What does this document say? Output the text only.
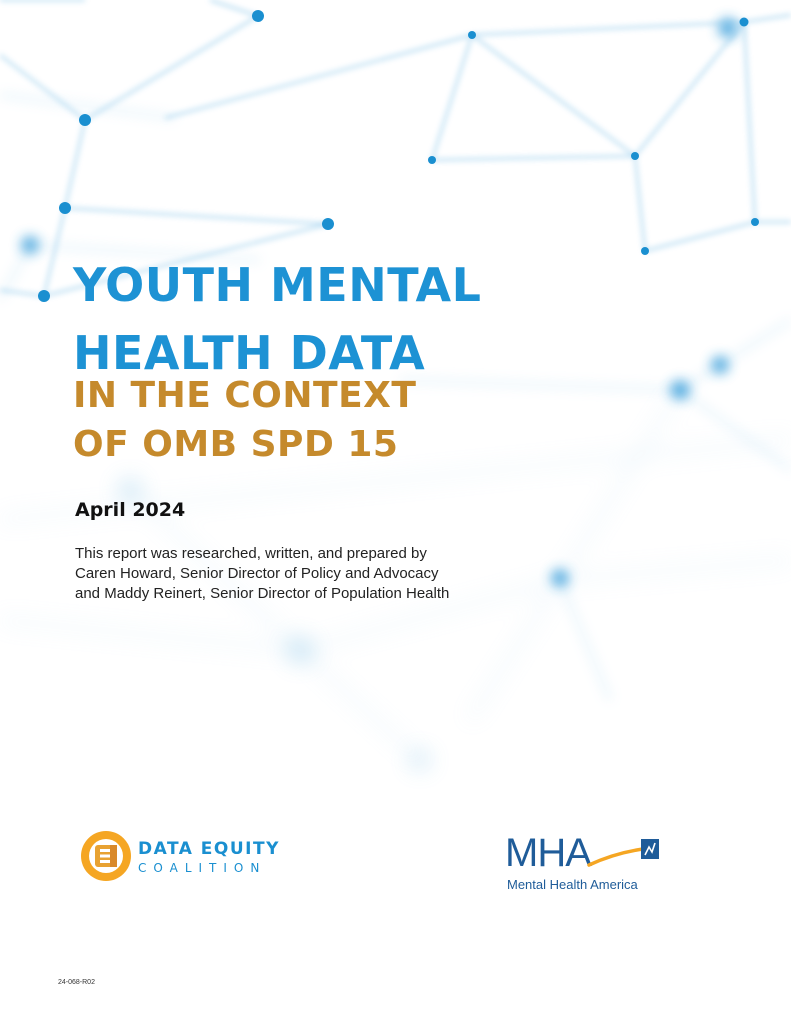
YOUTH MENTAL
HEALTH DATA
IN THE CONTEXT
OF OMB SPD 15

April 2024

This report was researched, written, and prepared by
Caren Howard, Senior Director of Policy and Advocacy
and Maddy Reinert, Senior Director of Population Health

DATA EQUITY
COALITION	MHA
Mental Health America

24-068-R02
